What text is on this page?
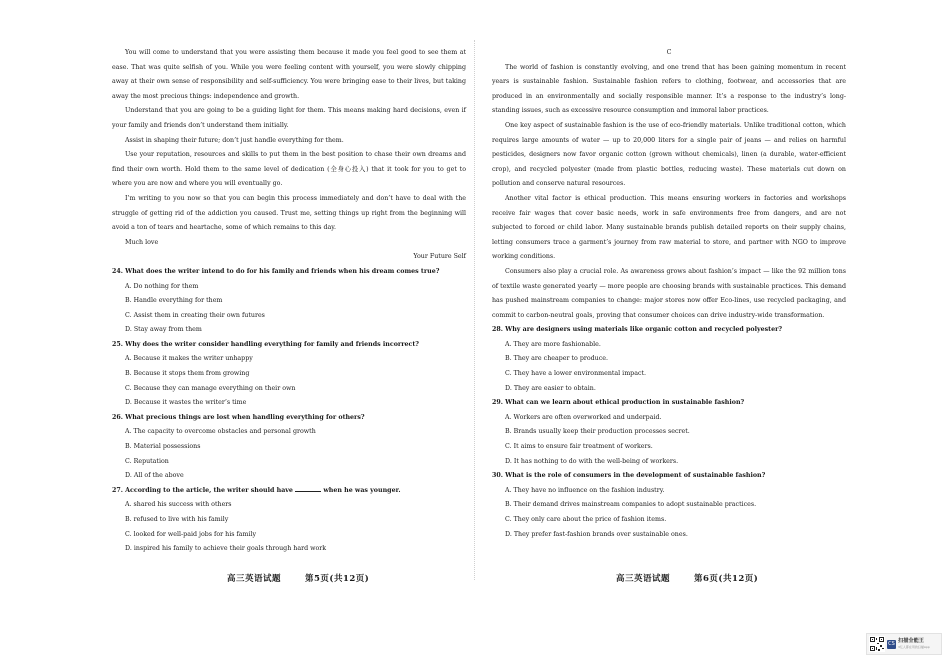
You will come to understand that you were assisting them because it made you feel good to see them at ease. That was quite selfish of you. While you were feeling content with yourself, you were slowly chipping away at their own sense of responsibility and self-sufficiency. You were bringing ease to their lives, but taking away the most precious things: independence and growth.

Understand that you are going to be a guiding light for them. This means making hard decisions, even if your family and friends don’t understand them initially.

Assist in shaping their future; don’t just handle everything for them.

Use your reputation, resources and skills to put them in the best position to chase their own dreams and find their own worth. Hold them to the same level of dedication (全身心投入) that it took for you to get to where you are now and where you will eventually go.

I’m writing to you now so that you can begin this process immediately and don’t have to deal with the struggle of getting rid of the addiction you caused. Trust me, setting things up right from the beginning will avoid a ton of tears and heartache, some of which remains to this day.

Much love

Your Future Self

24. What does the writer intend to do for his family and friends when his dream comes true?

A. Do nothing for them

B. Handle everything for them

C. Assist them in creating their own futures

D. Stay away from them

25. Why does the writer consider handling everything for family and friends incorrect?

A. Because it makes the writer unhappy

B. Because it stops them from growing

C. Because they can manage everything on their own

D. Because it wastes the writer’s time

26. What precious things are lost when handling everything for others?

A. The capacity to overcome obstacles and personal growth

B. Material possessions

C. Reputation

D. All of the above

27. According to the article, the writer should have	when he was younger.

A. shared his success with others

B. refused to live with his family

C. looked for well-paid jobs for his family

D. inspired his family to achieve their goals through hard work

C

The world of fashion is constantly evolving, and one trend that has been gaining momentum in recent years is sustainable fashion. Sustainable fashion refers to clothing, footwear, and accessories that are produced in an environmentally and socially responsible manner. It’s a response to the industry’s long-standing issues, such as excessive resource consumption and immoral labor practices.

One key aspect of sustainable fashion is the use of eco-friendly materials. Unlike traditional cotton, which requires large amounts of water — up to 20,000 liters for a single pair of jeans — and relies on harmful pesticides, designers now favor organic cotton (grown without chemicals), linen (a durable, water-efficient crop), and recycled polyester (made from plastic bottles, reducing waste). These materials cut down on pollution and conserve natural resources.

Another vital factor is ethical production. This means ensuring workers in factories and workshops receive fair wages that cover basic needs, work in safe environments free from dangers, and are not subjected to forced or child labor. Many sustainable brands publish detailed reports on their supply chains, letting consumers trace a garment’s journey from raw material to store, and partner with NGO to improve working conditions.

Consumers also play a crucial role. As awareness grows about fashion’s impact — like the 92 million tons of textile waste generated yearly — more people are choosing brands with sustainable practices. This demand has pushed mainstream companies to change: major stores now offer Eco-lines, use recycled packaging, and commit to carbon-neutral goals, proving that consumer choices can drive industry-wide transformation.

28. Why are designers using materials like organic cotton and recycled polyester?

A. They are more fashionable.

B. They are cheaper to produce.

C. They have a lower environmental impact.

D. They are easier to obtain.

29. What can we learn about ethical production in sustainable fashion?

A. Workers are often overworked and underpaid.

B. Brands usually keep their production processes secret.

C. It aims to ensure fair treatment of workers.

D. It has nothing to do with the well-being of workers.

30. What is the role of consumers in the development of sustainable fashion?

A. They have no influence on the fashion industry.

B. Their demand drives mainstream companies to adopt sustainable practices.

C. They only care about the price of fashion items.

D. They prefer fast-fashion brands over sustainable ones.

高三英语试题	第5页(共12页)	高三英语试题	第6页(共12页)
CS 扫描全能王
3亿人都在用的扫描App
